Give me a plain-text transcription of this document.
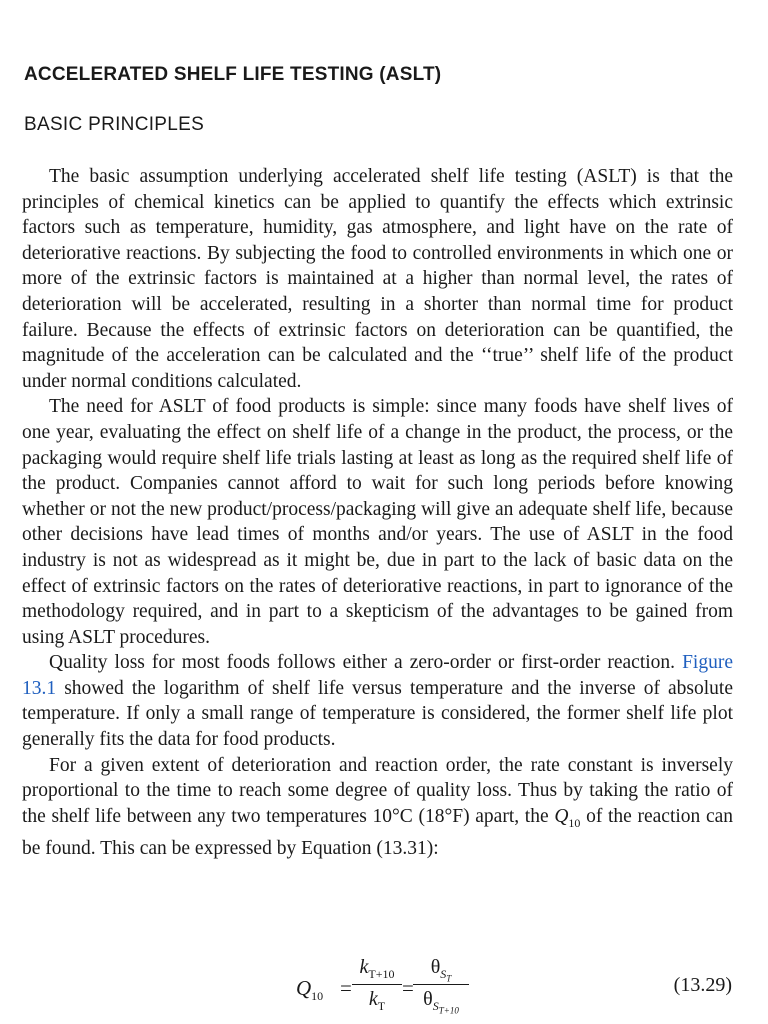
ACCELERATED SHELF LIFE TESTING (ASLT)
BASIC PRINCIPLES

The basic assumption underlying accelerated shelf life testing (ASLT) is that the principles of chemical kinetics can be applied to quantify the effects which extrinsic factors such as temperature, humidity, gas atmosphere, and light have on the rate of deteriorative reactions. By subjecting the food to controlled environments in which one or more of the extrinsic factors is maintained at a higher than normal level, the rates of deterioration will be accelerated, resulting in a shorter than normal time for product failure. Because the effects of extrinsic factors on deterioration can be quantified, the magnitude of the acceleration can be calculated and the ‘‘true’’ shelf life of the product under normal conditions calculated.

The need for ASLT of food products is simple: since many foods have shelf lives of one year, evaluating the effect on shelf life of a change in the product, the process, or the packaging would require shelf life trials lasting at least as long as the required shelf life of the product. Companies cannot afford to wait for such long periods before knowing whether or not the new product/process/packaging will give an adequate shelf life, because other decisions have lead times of months and/or years. The use of ASLT in the food industry is not as widespread as it might be, due in part to the lack of basic data on the effect of extrinsic factors on the rates of deteriorative reactions, in part to ignorance of the methodology required, and in part to a skepticism of the advantages to be gained from using ASLT procedures.

Quality loss for most foods follows either a zero-order or first-order reaction. Figure 13.1 showed the logarithm of shelf life versus temperature and the inverse of absolute temperature. If only a small range of temperature is considered, the former shelf life plot generally fits the data for food products.

For a given extent of deterioration and reaction order, the rate constant is inversely proportional to the time to reach some degree of quality loss. Thus by taking the ratio of the shelf life between any two temperatures 10°C (18°F) apart, the $Q_{10}$ of the reaction can be found. This can be expressed by Equation (13.31):

$Q_{10}$ =
$k_{T+10}$
$k_T$
=
$\theta_{S_T}$
$\theta_{S_{T+10}}$
(13.29)
